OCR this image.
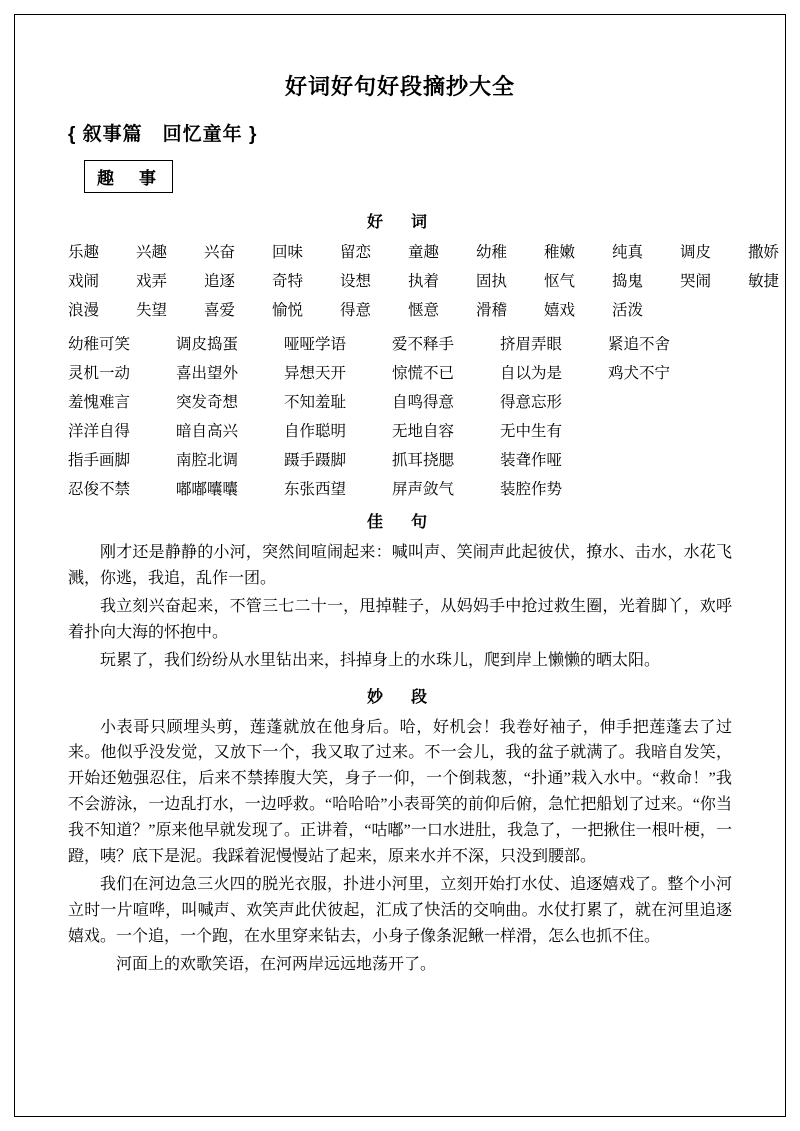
好词好句好段摘抄大全
{ 叙事篇　回忆童年 }
趣　事
好　词
乐趣	兴趣	兴奋	回味	留恋	童趣	幼稚	稚嫩	纯真	调皮	撒娇
戏闹	戏弄	追逐	奇特	设想	执着	固执	怄气	捣鬼	哭闹	敏捷
浪漫	失望	喜爱	愉悦	得意	惬意	滑稽	嬉戏	活泼
幼稚可笑	调皮捣蛋	哑哑学语	爱不释手	挤眉弄眼	紧追不舍
灵机一动	喜出望外	异想天开	惊慌不已	自以为是	鸡犬不宁
羞愧难言	突发奇想	不知羞耻	自鸣得意	得意忘形
洋洋自得	暗自高兴	自作聪明	无地自容	无中生有
指手画脚	南腔北调	蹑手蹑脚	抓耳挠腮	装聋作哑
忍俊不禁	嘟嘟囔囔	东张西望	屏声敛气	装腔作势
佳　句

刚才还是静静的小河，突然间喧闹起来：喊叫声、笑闹声此起彼伏，撩水、击水，水花飞溅，你逃，我追，乱作一团。

我立刻兴奋起来，不管三七二十一，甩掉鞋子，从妈妈手中抢过救生圈，光着脚丫，欢呼着扑向大海的怀抱中。

玩累了，我们纷纷从水里钻出来，抖掉身上的水珠儿，爬到岸上懒懒的晒太阳。

妙　段

小表哥只顾埋头剪，莲蓬就放在他身后。哈，好机会！我卷好袖子，伸手把莲蓬去了过来。他似乎没发觉，又放下一个，我又取了过来。不一会儿，我的盆子就满了。我暗自发笑，开始还勉强忍住，后来不禁捧腹大笑，身子一仰，一个倒栽葱，“扑通”栽入水中。“救命！”我不会游泳，一边乱打水，一边呼救。“哈哈哈”小表哥笑的前仰后俯，急忙把船划了过来。“你当我不知道？”原来他早就发现了。正讲着，“咕嘟”一口水进肚，我急了，一把揪住一根叶梗，一蹬，咦？底下是泥。我踩着泥慢慢站了起来，原来水并不深，只没到腰部。

我们在河边急三火四的脱光衣服，扑进小河里，立刻开始打水仗、追逐嬉戏了。整个小河立时一片喧哗，叫喊声、欢笑声此伏彼起，汇成了快活的交响曲。水仗打累了，就在河里追逐嬉戏。一个追，一个跑，在水里穿来钻去，小身子像条泥鳅一样滑，怎么也抓不住。

河面上的欢歌笑语，在河两岸远远地荡开了。
